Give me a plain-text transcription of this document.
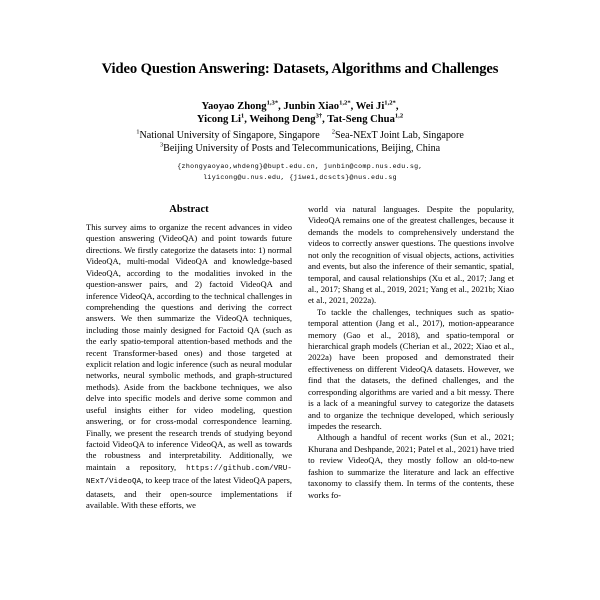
Video Question Answering: Datasets, Algorithms and Challenges
Yaoyao Zhong$^{1,3*}$, Junbin Xiao$^{1,2*}$, Wei $Ji^{1,2*}$,
Yicong Li$^1$, Weihong Deng$^{3\dagger}$, Tat-Seng Chua$^{1,2}$
$^1$National University of Singapore, Singapore $^2$Sea-NExT Joint Lab, Singapore
$^3$Beijing University of Posts and Telecommunications, Beijing, China
{zhongyaoyao,whdeng}@bupt.edu.cn, junbin@comp.nus.edu.sg,
liyicong@u.nus.edu, {jiwei,dcscts}@nus.edu.sg
Abstract

This survey aims to organize the recent advances in video question answering (VideoQA) and point towards future directions. We firstly categorize the datasets into: 1) normal VideoQA, multi-modal VideoQA and knowledge-based VideoQA, according to the modalities invoked in the question-answer pairs, and 2) factoid VideoQA and inference VideoQA, according to the technical challenges in comprehending the questions and deriving the correct answers. We then summarize the VideoQA techniques, including those mainly designed for Factoid QA (such as the early spatio-temporal attention-based methods and the recent Transformer-based ones) and those targeted at explicit relation and logic inference (such as neural modular networks, neural symbolic methods, and graph-structured methods). Aside from the backbone techniques, we also delve into specific models and derive some common and useful insights either for video modeling, question answering, or for cross-modal correspondence learning. Finally, we present the research trends of studying beyond factoid VideoQA to inference VideoQA, as well as towards the robustness and interpretability. Additionally, we maintain a repository, https://github.com/VRU-NExT/VideoQA, to keep trace of the latest VideoQA papers, datasets, and their open-source implementations if available. With these efforts, we

world via natural languages. Despite the popularity, VideoQA remains one of the greatest challenges, because it demands the models to comprehensively understand the videos to correctly answer questions. The questions involve not only the recognition of visual objects, actions, activities and events, but also the inference of their semantic, spatial, temporal, and causal relationships (Xu et al., 2017; Jang et al., 2017; Shang et al., 2019, 2021; Yang et al., 2021b; Xiao et al., 2021, 2022a).

To tackle the challenges, techniques such as spatio-temporal attention (Jang et al., 2017), motion-appearance memory (Gao et al., 2018), and spatio-temporal or hierarchical graph models (Cherian et al., 2022; Xiao et al., 2022a) have been proposed and demonstrated their effectiveness on different VideoQA datasets. However, we find that the datasets, the defined challenges, and the corresponding algorithms are varied and a bit messy. There is a lack of a meaningful survey to categorize the datasets and to organize the technique developed, which seriously impedes the research.

Although a handful of recent works (Sun et al., 2021; Khurana and Deshpande, 2021; Patel et al., 2021) have tried to review VideoQA, they mostly follow an old-to-new fashion to summarize the literature and lack an effective taxonomy to classify them. In terms of the contents, these works fo-
